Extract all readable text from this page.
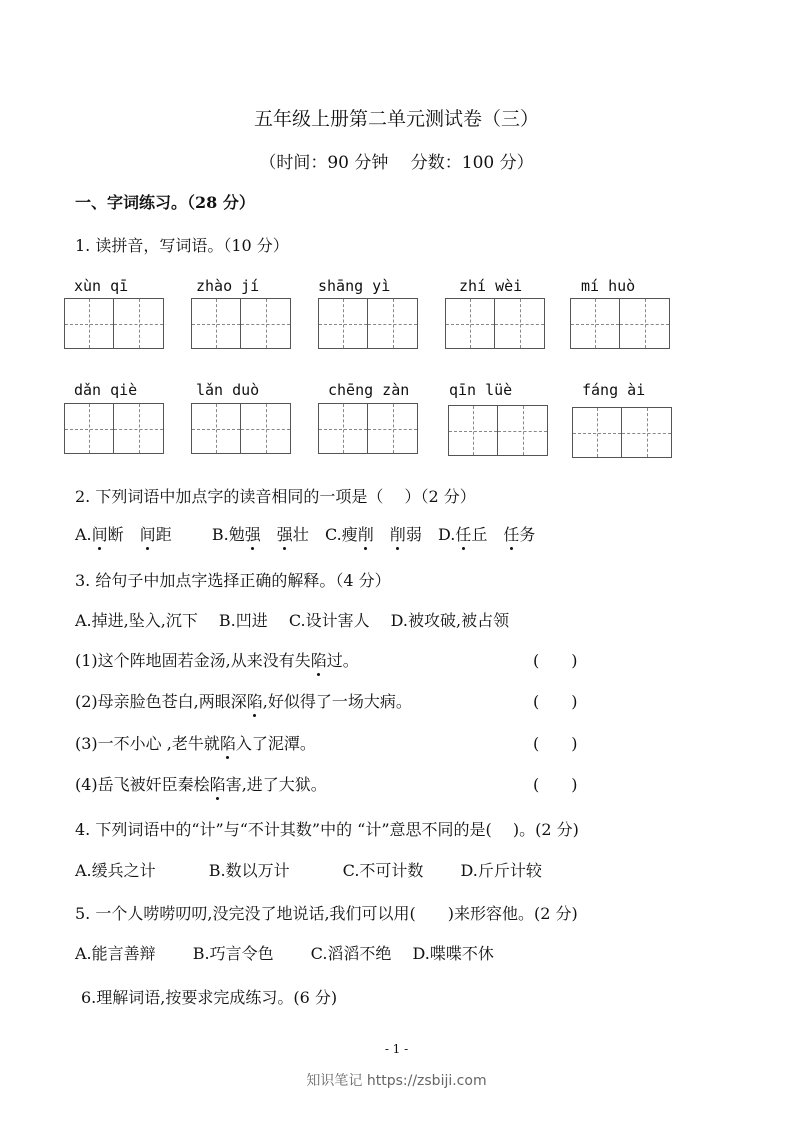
五年级上册第二单元测试卷（三）
（时间：90 分钟　 分数：100 分）
一、字词练习。（28 分）
1. 读拼音，写词语。（10 分）
xùn qī	zhào jí	shāng yì	zhí wèi	mí huò
dǎn qiè	lǎn duò	chēng zàn	qīn lüè	fáng ài
2. 下列词语中加点字的读音相同的一项是（　 ）（2 分）
A.间断　间距	B.勉强　 强壮 C.瘦削　 削弱 D.任丘　任务
3. 给句子中加点字选择正确的解释。（4 分）
A.掉进,坠入,沉下　 B.凹进　 C.设计害人　 D.被攻破,被占领
(1)这个阵地固若金汤,从来没有失陷过。	(　　)
(2)母亲脸色苍白,两眼深陷,好似得了一场大病。	(　　)
(3)一不小心 ,老牛就陷入了泥潭。	(　　)
(4)岳飞被奸臣秦桧陷害,进了大狱。	(　　)
4. 下列词语中的“计”与“不计其数”中的 “计”意思不同的是(　 )。(2 分)
A.缓兵之计　　　 B.数以万计　　　 C.不可计数　　 D.斤斤计较
5. 一个人唠唠叨叨,没完没了地说话,我们可以用(　　)来形容他。(2 分)
A.能言善辩　　 B.巧言令色　　 C.滔滔不绝　 D.喋喋不休
6.理解词语,按要求完成练习。(6 分)
- 1 -
知识笔记 https://zsbiji.com
